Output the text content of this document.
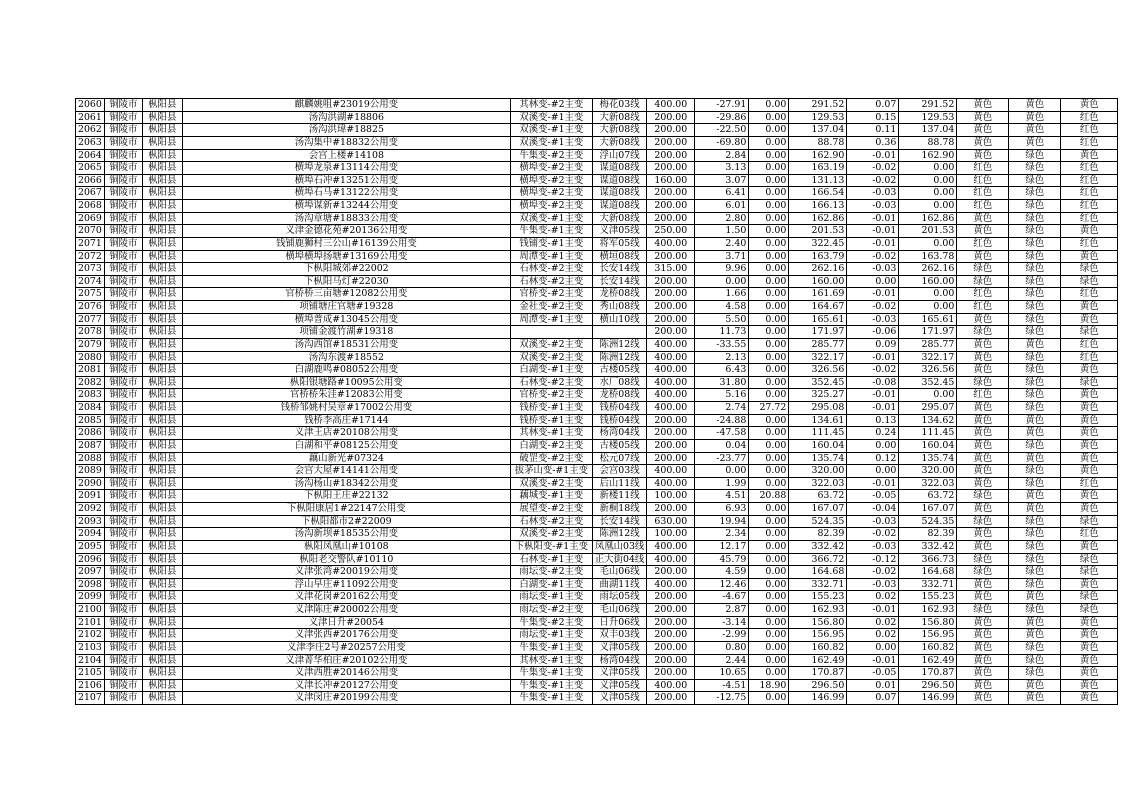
2060	铜陵市	枞阳县	麒麟姚咀#23019公用变	其林变-#2主变	梅花03线	400.00	-27.91	0.00	291.52	0.07	291.52	黄色	黄色	黄色
2061	铜陵市	枞阳县	汤沟洪湖#18806	双溪变-#1主变	大新08线	200.00	-29.86	0.00	129.53	0.15	129.53	黄色	黄色	红色
2062	铜陵市	枞阳县	汤沟洪瑋#18825	双溪变-#1主变	大新08线	200.00	-22.50	0.00	137.04	0.11	137.04	黄色	黄色	红色
2063	铜陵市	枞阳县	汤沟集中#18832公用变	双溪变-#1主变	大新08线	200.00	-69.80	0.00	88.78	0.36	88.78	黄色	黄色	红色
2064	铜陵市	枞阳县	会宫上楼#14108	牛集变-#2主变	浮山07线	200.00	2.84	0.00	162.90	-0.01	162.90	黄色	绿色	黄色
2065	铜陵市	枞阳县	横埠龙泉#13114公用变	横埠变-#2主变	谋道08线	200.00	3.13	0.00	163.19	-0.02	0.00	红色	绿色	红色
2066	铜陵市	枞阳县	横埠石冲#13251公用变	横埠变-#2主变	谋道08线	160.00	3.07	0.00	131.13	-0.02	0.00	红色	绿色	红色
2067	铜陵市	枞阳县	横埠石马#13122公用变	横埠变-#2主变	谋道08线	200.00	6.41	0.00	166.54	-0.03	0.00	红色	绿色	红色
2068	铜陵市	枞阳县	横埠谋新#13244公用变	横埠变-#2主变	谋道08线	200.00	6.01	0.00	166.13	-0.03	0.00	红色	绿色	红色
2069	铜陵市	枞阳县	汤沟章塘#18833公用变	双溪变-#1主变	大新08线	200.00	2.80	0.00	162.86	-0.01	162.86	黄色	绿色	红色
2070	铜陵市	枞阳县	义津金德花苑#20136公用变	牛集变-#1主变	义津05线	250.00	1.50	0.00	201.53	-0.01	201.53	黄色	绿色	黄色
2071	铜陵市	枞阳县	钱铺鹿狮村三公山#16139公用变	钱铺变-#1主变	将军05线	400.00	2.40	0.00	322.45	-0.01	0.00	红色	绿色	红色
2072	铜陵市	枞阳县	横埠横埠扬塘#13169公用变	周潭变-#1主变	横垣08线	200.00	3.71	0.00	163.79	-0.02	163.78	黄色	绿色	黄色
2073	铜陵市	枞阳县	下枞阳城郊#22002	石林变-#2主变	长安14线	315.00	9.96	0.00	262.16	-0.03	262.16	绿色	绿色	绿色
2074	铜陵市	枞阳县	下枞阳马灯#22030	石林变-#2主变	长安14线	200.00	0.00	0.00	160.00	0.00	160.00	绿色	绿色	绿色
2075	铜陵市	枞阳县	官桥桥三亩塘#12082公用变	官桥变-#2主变	龙桥08线	200.00	1.66	0.00	161.69	-0.01	0.00	红色	绿色	红色
2076	铜陵市	枞阳县	项铺塘庄官塘#19328	金社变-#2主变	秀山08线	200.00	4.58	0.00	164.67	-0.02	0.00	红色	绿色	黄色
2077	铜陵市	枞阳县	横埠普成#13045公用变	周潭变-#1主变	横山10线	200.00	5.50	0.00	165.61	-0.03	165.61	黄色	绿色	黄色
2078	铜陵市	枞阳县	项铺金渡竹湖#19318			200.00	11.73	0.00	171.97	-0.06	171.97	绿色	绿色	绿色
2079	铜陵市	枞阳县	汤沟西馆#18531公用变	双溪变-#2主变	陈洲12线	400.00	-33.55	0.00	285.77	0.09	285.77	黄色	黄色	红色
2080	铜陵市	枞阳县	汤沟东渡#18552	双溪变-#2主变	陈洲12线	400.00	2.13	0.00	322.17	-0.01	322.17	黄色	绿色	红色
2081	铜陵市	枞阳县	白湖鹿鸣#08052公用变	白湖变-#1主变	古楼05线	400.00	6.43	0.00	326.56	-0.02	326.56	黄色	绿色	黄色
2082	铜陵市	枞阳县	枞阳银塘路#10095公用变	石林变-#2主变	水厂08线	400.00	31.80	0.00	352.45	-0.08	352.45	绿色	绿色	绿色
2083	铜陵市	枞阳县	官桥桥朱洼#12083公用变	官桥变-#2主变	龙桥08线	400.00	5.16	0.00	325.27	-0.01	0.00	红色	绿色	黄色
2084	铜陵市	枞阳县	钱桥邹姚村吴章#17002公用变	钱桥变-#1主变	钱桥04线	400.00	2.74	27.72	295.08	-0.01	295.07	黄色	绿色	黄色
2085	铜陵市	枞阳县	钱桥李高庄#17144	钱桥变-#1主变	钱桥04线	200.00	-24.88	0.00	134.61	0.13	134.62	黄色	黄色	黄色
2086	铜陵市	枞阳县	义津王店#20108公用变	其林变-#1主变	杨湾04线	200.00	-47.58	0.00	111.45	0.24	111.45	黄色	黄色	黄色
2087	铜陵市	枞阳县	白湖和平#08125公用变	白湖变-#2主变	古楼05线	200.00	0.04	0.00	160.04	0.00	160.04	黄色	绿色	黄色
2088	铜陵市	枞阳县	藕山新光#07324	破罡变-#2主变	松元07线	200.00	-23.77	0.00	135.74	0.12	135.74	黄色	黄色	黄色
2089	铜陵市	枞阳县	会宫大屋#14141公用变	拔茅山变-#1主变	会宫03线	400.00	0.00	0.00	320.00	0.00	320.00	黄色	绿色	黄色
2090	铜陵市	枞阳县	汤沟杨山#18342公用变	双溪变-#2主变	后山11线	400.00	1.99	0.00	322.03	-0.01	322.03	黄色	绿色	红色
2091	铜陵市	枞阳县	下枞阳王庄#22132	藕城变-#1主变	新楼11线	100.00	4.51	20.88	63.72	-0.05	63.72	绿色	黄色	黄色
2092	铜陵市	枞阳县	下枞阳康居1#22147公用变	展望变-#2主变	新桐18线	200.00	6.93	0.00	167.07	-0.04	167.07	黄色	黄色	黄色
2093	铜陵市	枞阳县	下枞阳都市2#22009	石林变-#2主变	长安14线	630.00	19.94	0.00	524.35	-0.03	524.35	绿色	绿色	绿色
2094	铜陵市	枞阳县	汤沟新坝#18535公用变	双溪变-#2主变	陈洲12线	100.00	2.34	0.00	82.39	-0.02	82.39	黄色	绿色	红色
2095	铜陵市	枞阳县	枞阳凤凰山#10108	下枞阳变-#1主变	凤凰山03线	400.00	12.17	0.00	332.42	-0.03	332.42	黄色	绿色	黄色
2096	铜陵市	枞阳县	枞阳老交警队#10110	石林变-#1主变	正大街04线	400.00	45.79	0.00	366.72	-0.12	366.73	绿色	绿色	绿色
2097	铜陵市	枞阳县	义津张湾#20019公用变	雨坛变-#2主变	毛山06线	200.00	4.59	0.00	164.68	-0.02	164.68	绿色	绿色	绿色
2098	铜陵市	枞阳县	浮山早庄#11092公用变	白湖变-#1主变	曲湖11线	400.00	12.46	0.00	332.71	-0.03	332.71	黄色	绿色	黄色
2099	铜陵市	枞阳县	义津花岗#20162公用变	雨坛变-#1主变	雨坛05线	200.00	-4.67	0.00	155.23	0.02	155.23	黄色	黄色	绿色
2100	铜陵市	枞阳县	义津陈庄#20002公用变	雨坛变-#2主变	毛山06线	200.00	2.87	0.00	162.93	-0.01	162.93	绿色	绿色	绿色
2101	铜陵市	枞阳县	义津日升#20054	牛集变-#2主变	日升06线	200.00	-3.14	0.00	156.80	0.02	156.80	黄色	黄色	黄色
2102	铜陵市	枞阳县	义津张西#20176公用变	雨坛变-#1主变	双丰03线	200.00	-2.99	0.00	156.95	0.02	156.95	黄色	黄色	黄色
2103	铜陵市	枞阳县	义津李庄2号#20257公用变	牛集变-#1主变	义津05线	200.00	0.80	0.00	160.82	0.00	160.82	黄色	绿色	黄色
2104	铜陵市	枞阳县	义津菁华柏庄#20102公用变	其林变-#1主变	杨湾04线	200.00	2.44	0.00	162.49	-0.01	162.49	黄色	绿色	黄色
2105	铜陵市	枞阳县	义津西胜#20146公用变	牛集变-#1主变	义津05线	200.00	10.65	0.00	170.87	-0.05	170.87	黄色	绿色	黄色
2106	铜陵市	枞阳县	义津长冲#20127公用变	牛集变-#1主变	义津05线	400.00	-4.51	18.90	296.50	0.01	296.50	黄色	黄色	黄色
2107	铜陵市	枞阳县	义津闵庄#20199公用变	牛集变-#1主变	义津05线	200.00	-12.75	0.00	146.99	0.07	146.99	黄色	黄色	黄色
